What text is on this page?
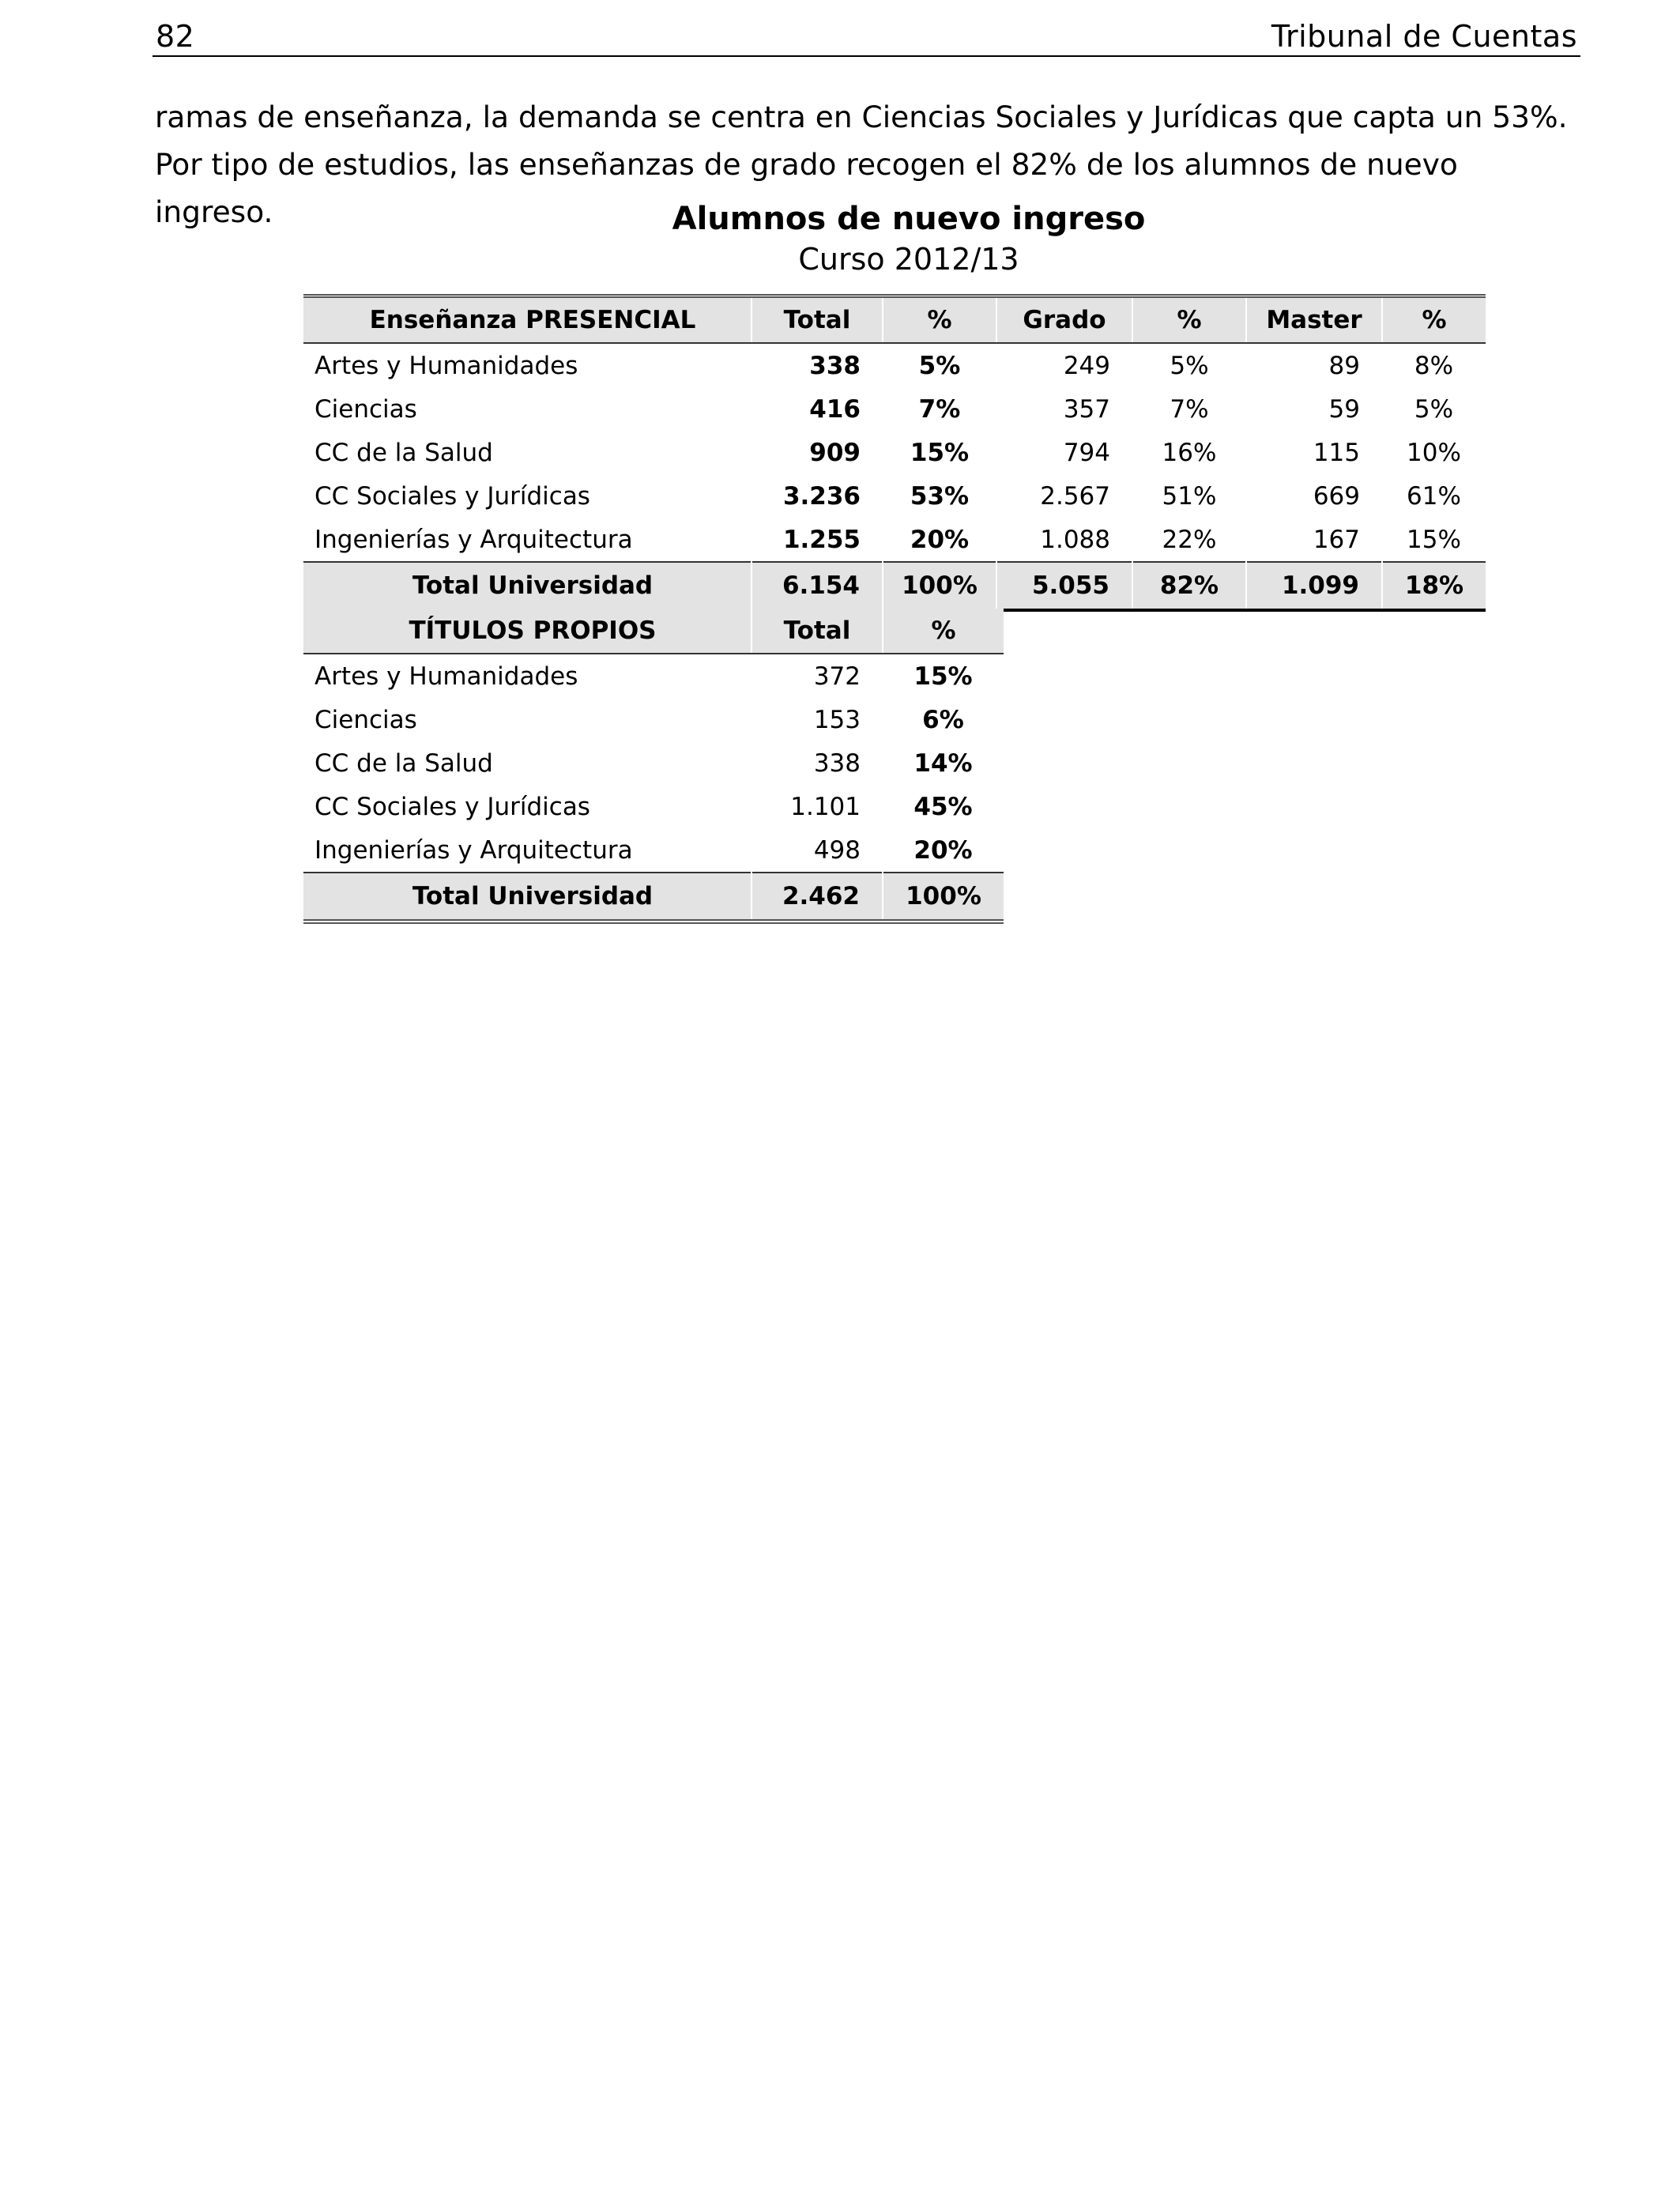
82	Tribunal de Cuentas

ramas de enseñanza, la demanda se centra en Ciencias Sociales y Jurídicas que capta un 53%.

Por tipo de estudios, las enseñanzas de grado recogen el 82% de los alumnos de nuevo ingreso.	Alumnos de nuevo ingreso
Curso 2012/13
Enseñanza PRESENCIAL	Total	%	Grado	%	Master	%
Artes y Humanidades	338	5%	249	5%	89	8%
Ciencias	416	7%	357	7%	59	5%
CC de la Salud	909	15%	794	16%	115	10%
CC Sociales y Jurídicas	3.236	53%	2.567	51%	669	61%
Ingenierías y Arquitectura	1.255	20%	1.088	22%	167	15%
Total Universidad	6.154	100%	5.055	82%	1.099	18%
TÍTULOS PROPIOS	Total	%
Artes y Humanidades	372	15%
Ciencias	153	6%
CC de la Salud	338	14%
CC Sociales y Jurídicas	1.101	45%
Ingenierías y Arquitectura	498	20%
Total Universidad	2.462	100%
